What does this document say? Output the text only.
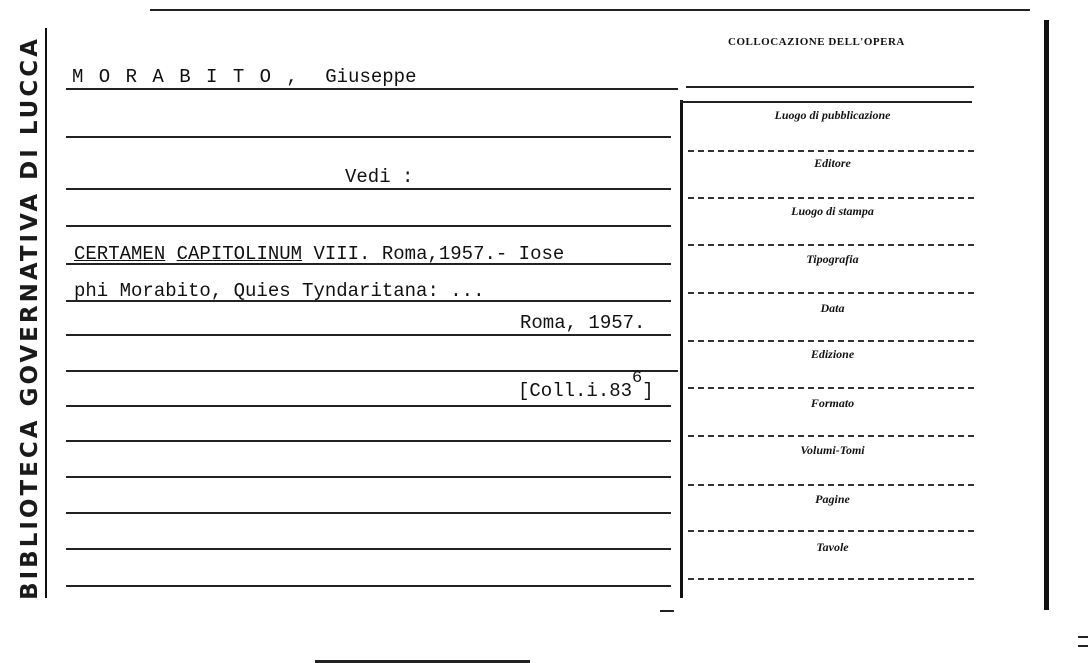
BIBLIOTECA GOVERNATIVA DI LUCCA M O R A B I T O , Giuseppe
Vedi :
CERTAMEN CAPITOLINUM VIII. Roma,1957.- Iose
phi Morabito, Quies Tyndaritana: ...
Roma, 1957.
[Coll.i.836]
COLLOCAZIONE DELL'OPERA
Luogo di pubblicazione
Editore
Luogo di stampa
Tipografia
Data
Edizione
Formato
Volumi-Tomi
Pagine
Tavole
